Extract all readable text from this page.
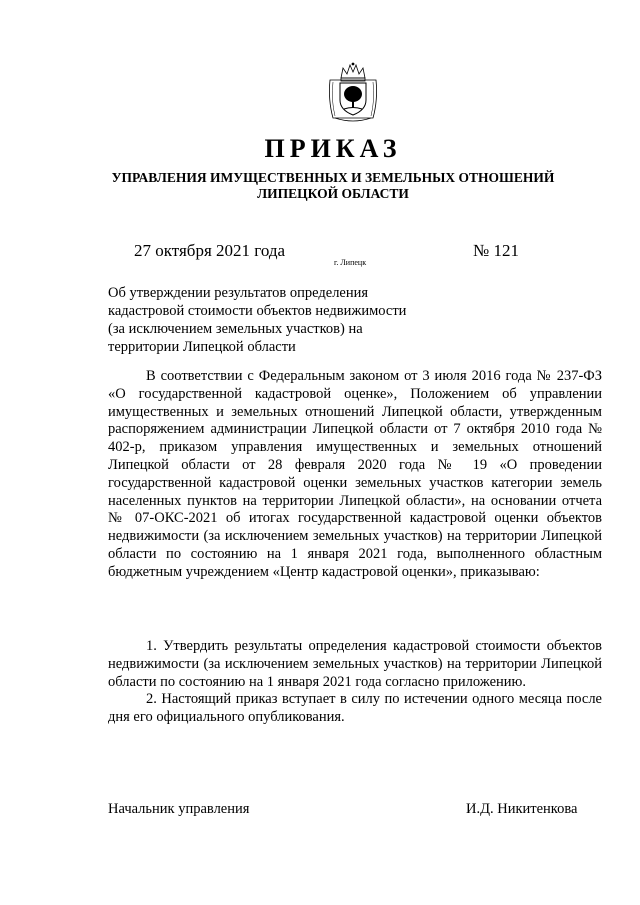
ПРИКАЗ
УПРАВЛЕНИЯ ИМУЩЕСТВЕННЫХ И ЗЕМЕЛЬНЫХ ОТНОШЕНИЙ
ЛИПЕЦКОЙ ОБЛАСТИ
27 октября 2021 года
г. Липецк
№ 121
Об утверждении результатов определения
кадастровой стоимости объектов недвижимости
(за исключением земельных участков) на
территории Липецкой области

В соответствии с Федеральным законом от 3 июля 2016 года № 237-ФЗ «О государственной кадастровой оценке», Положением об управлении имущественных и земельных отношений Липецкой области, утвержденным распоряжением администрации Липецкой области от 7 октября 2010 года № 402-р, приказом управления имущественных и земельных отношений Липецкой области от 28 февраля 2020 года № 19 «О проведении государственной кадастровой оценки земельных участков категории земель населенных пунктов на территории Липецкой области», на основании отчета № 07-ОКС-2021 об итогах государственной кадастровой оценки объектов недвижимости (за исключением земельных участков) на территории Липецкой области по состоянию на 1 января 2021 года, выполненного областным бюджетным учреждением «Центр кадастровой оценки», приказываю:

1. Утвердить результаты определения кадастровой стоимости объектов недвижимости (за исключением земельных участков) на территории Липецкой области по состоянию на 1 января 2021 года согласно приложению.

2. Настоящий приказ вступает в силу по истечении одного месяца после дня его официального опубликования.

Начальник управления	И.Д. Никитенкова
